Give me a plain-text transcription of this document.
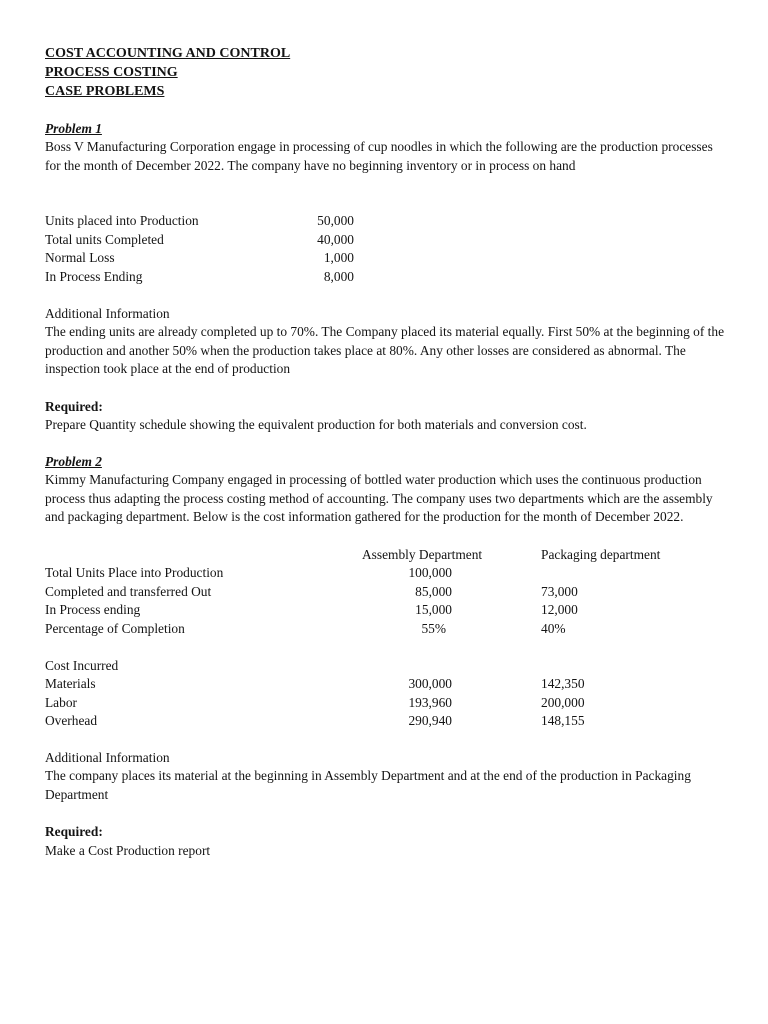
COST ACCOUNTING AND CONTROL
PROCESS COSTING
CASE PROBLEMS
Problem 1
Boss V Manufacturing Corporation engage in processing of cup noodles in which the following are the production processes for the month of December 2022. The company have no beginning inventory or in process on hand
Units placed into Production	50,000
Total units Completed	40,000
Normal Loss	1,000
In Process Ending	8,000
Additional Information
The ending units are already completed up to 70%. The Company placed its material equally. First 50% at the beginning of the production and another 50% when the production takes place at 80%. Any other losses are considered as abnormal. The inspection took place at the end of production
Required:
Prepare Quantity schedule showing the equivalent production for both materials and conversion cost.
Problem 2
Kimmy Manufacturing Company engaged in processing of bottled water production which uses the continuous production process thus adapting the process costing method of accounting. The company uses two departments which are the assembly and packaging department. Below is the cost information gathered for the production for the month of December 2022.
Assembly Department	Packaging department
Total Units Place into Production	100,000
Completed and transferred Out	85,000	73,000
In Process ending	15,000	12,000
Percentage of Completion	55%	40%
Cost Incurred
Materials	300,000	142,350
Labor	193,960	200,000
Overhead	290,940	148,155
Additional Information
The company places its material at the beginning in Assembly Department and at the end of the production in Packaging Department
Required:
Make a Cost Production report
